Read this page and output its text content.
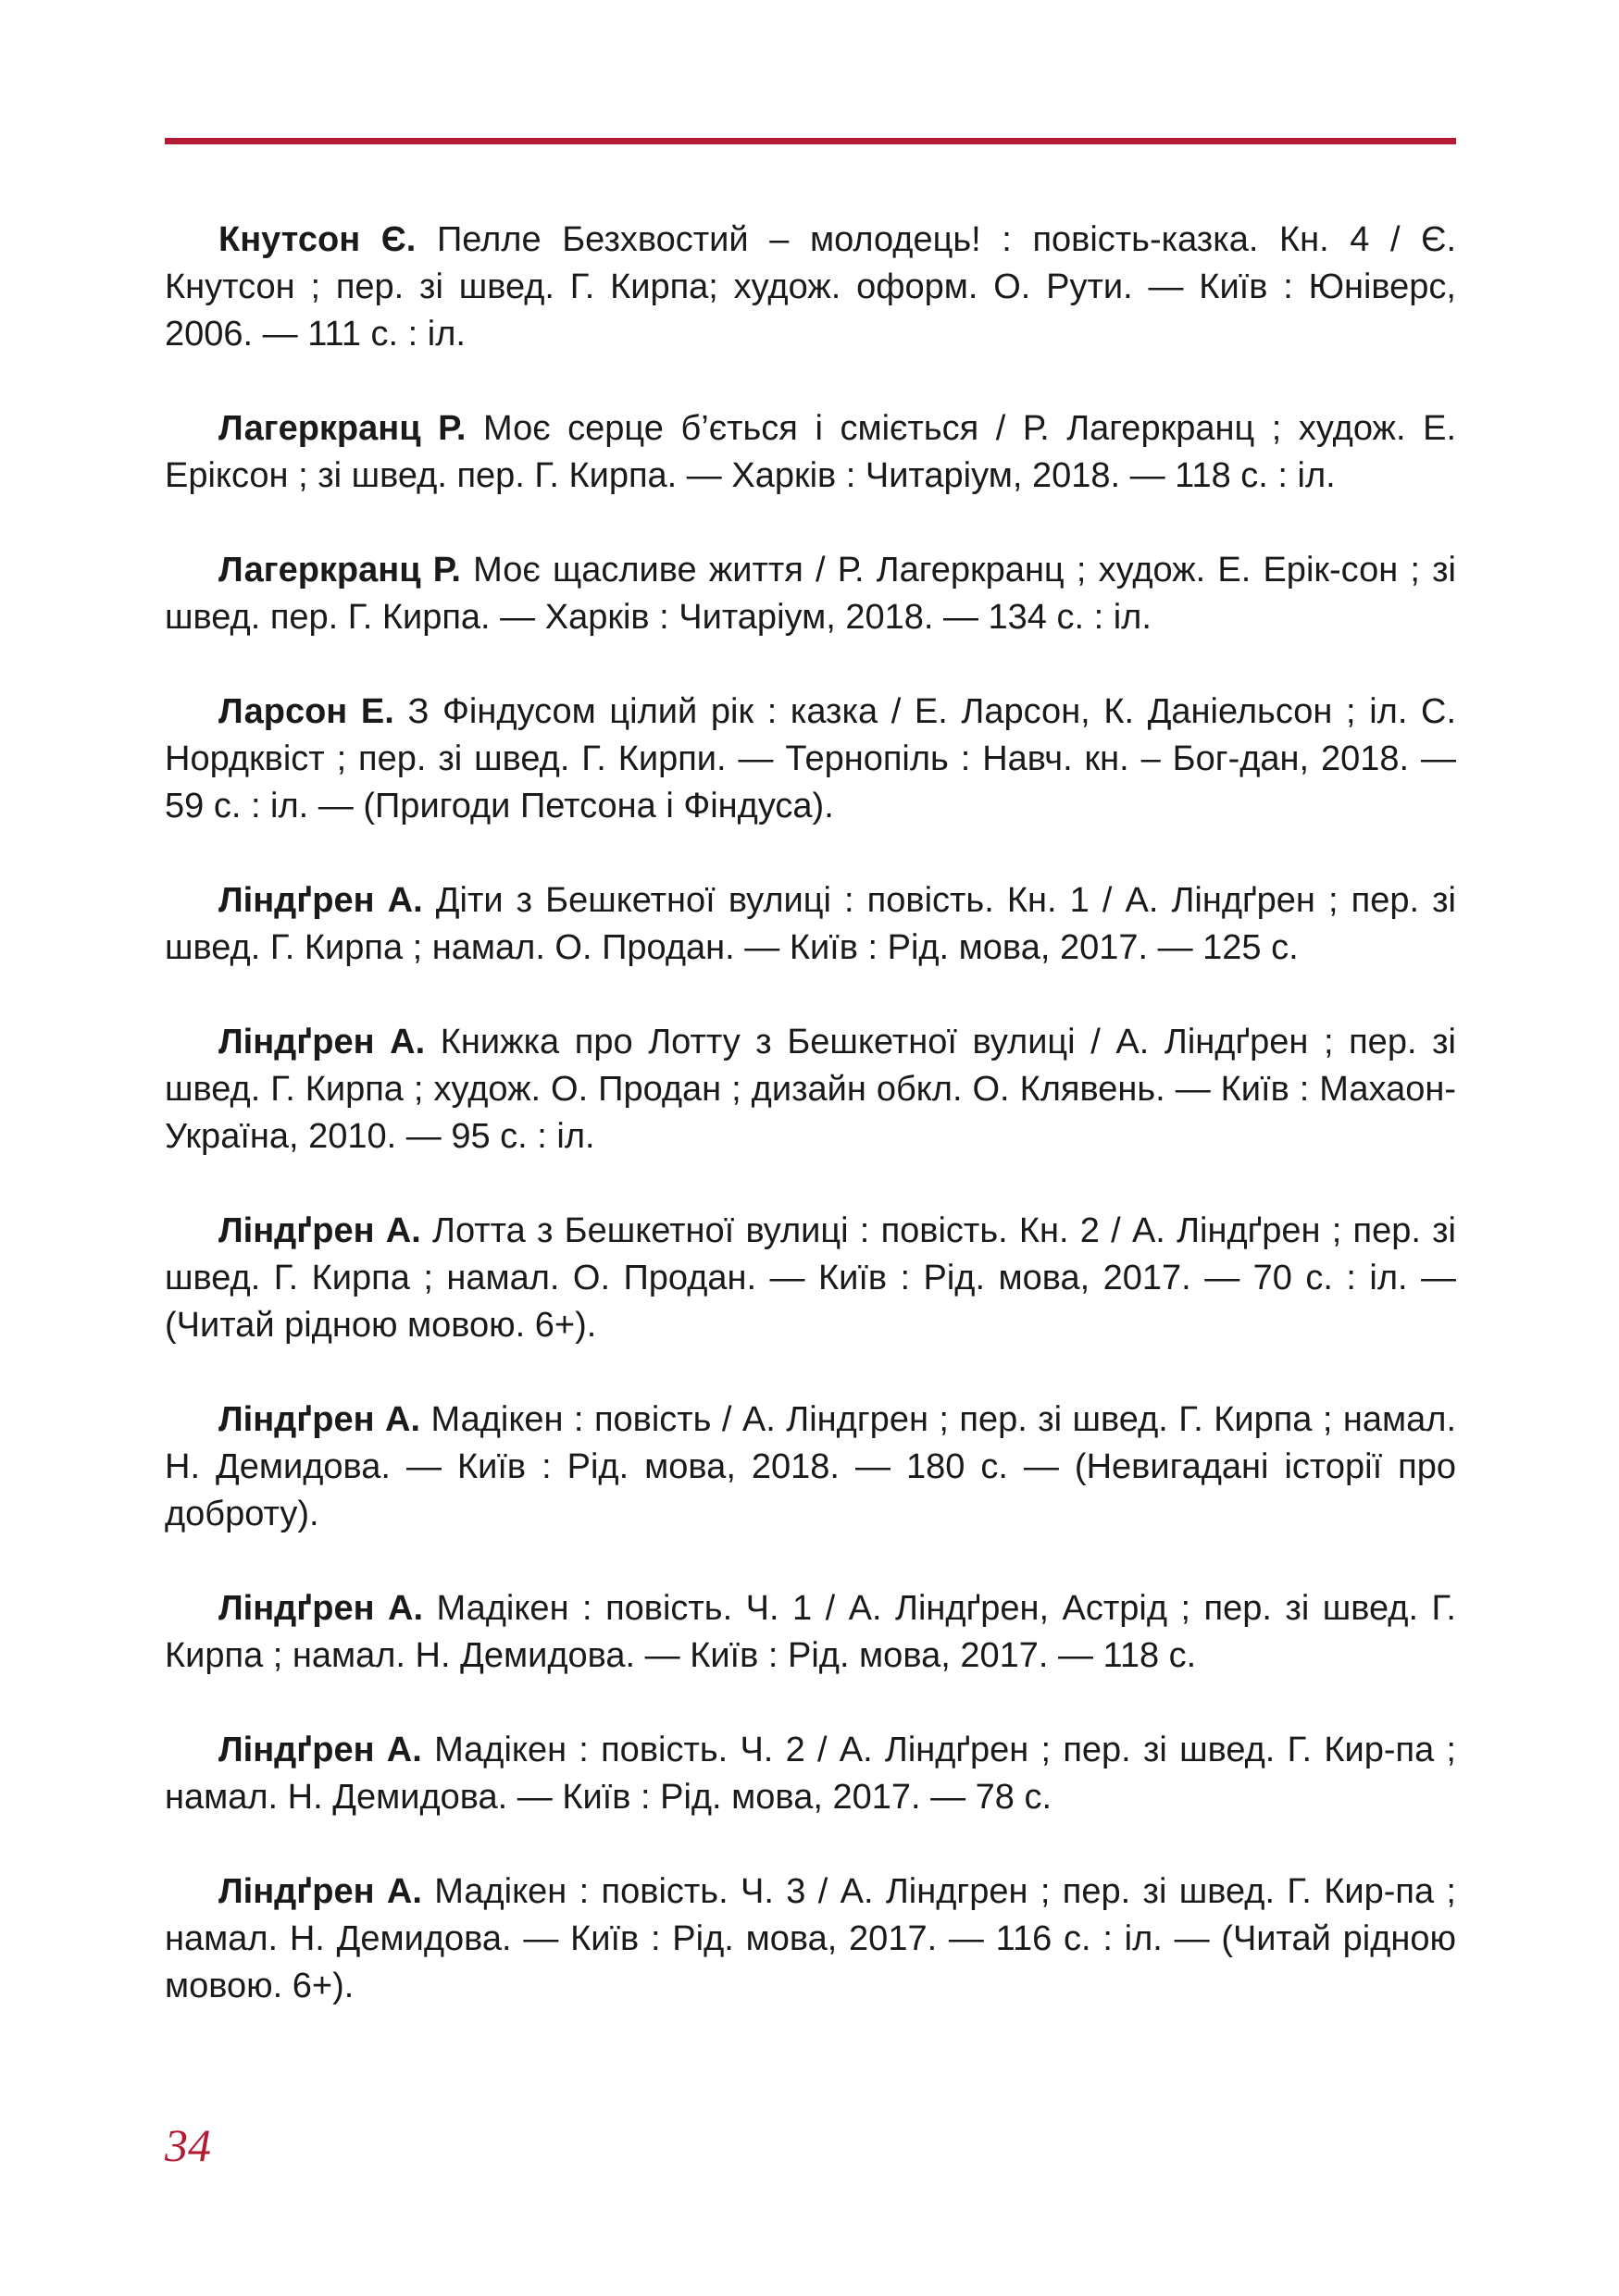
Кнутсон Є. Пелле Безхвостий – молодець! : повість-казка. Кн. 4 / Є. Кнутсон ; пер. зі швед. Г. Кирпа; худож. оформ. О. Рути. — Київ : Юніверс, 2006. — 111 с. : іл.
Лагеркранц Р. Моє серце б’ється і сміється / Р. Лагеркранц ; худож. Е. Еріксон ; зі швед. пер. Г. Кирпа. — Харків : Читаріум, 2018. — 118 с. : іл.
Лагеркранц Р. Моє щасливе життя / Р. Лагеркранц ; худож. Е. Ерік-сон ; зі швед. пер. Г. Кирпа. — Харків : Читаріум, 2018. — 134 с. : іл.
Ларсон Е. З Фіндусом цілий рік : казка / Е. Ларсон, К. Даніельсон ; іл. С. Нордквіст ; пер. зі швед. Г. Кирпи. — Тернопіль : Навч. кн. – Бог-дан, 2018. — 59 с. : іл. — (Пригоди Петсона і Фіндуса).
Ліндґрен А. Діти з Бешкетної вулиці : повість. Кн. 1 / А. Ліндґрен ; пер. зі швед. Г. Кирпа ; намал. О. Продан. — Київ : Рід. мова, 2017. — 125 с.
Ліндґрен А. Книжка про Лотту з Бешкетної вулиці / А. Ліндґрен ; пер. зі швед. Г. Кирпа ; худож. О. Продан ; дизайн обкл. О. Клявень. — Київ : Махаон-Україна, 2010. — 95 с. : іл.
Ліндґрен А. Лотта з Бешкетної вулиці : повість. Кн. 2 / А. Ліндґрен ; пер. зі швед. Г. Кирпа ; намал. О. Продан. — Київ : Рід. мова, 2017. — 70 с. : іл. — (Читай рідною мовою. 6+).
Ліндґрен А. Мадікен : повість / А. Ліндгрен ; пер. зі швед. Г. Кирпа ; намал. Н. Демидова. — Київ : Рід. мова, 2018. — 180 с. — (Невигадані історії про доброту).
Ліндґрен А. Мадікен : повість. Ч. 1 / А. Ліндґрен, Астрід ; пер. зі швед. Г. Кирпа ; намал. Н. Демидова. — Київ : Рід. мова, 2017. — 118 с.
Ліндґрен А. Мадікен : повість. Ч. 2 / А. Ліндґрен ; пер. зі швед. Г. Кир-па ; намал. Н. Демидова. — Київ : Рід. мова, 2017. — 78 с.
Ліндґрен А. Мадікен : повість. Ч. 3 / А. Ліндгрен ; пер. зі швед. Г. Кир-па ; намал. Н. Демидова. — Київ : Рід. мова, 2017. — 116 с. : іл. — (Читай рідною мовою. 6+).
34
